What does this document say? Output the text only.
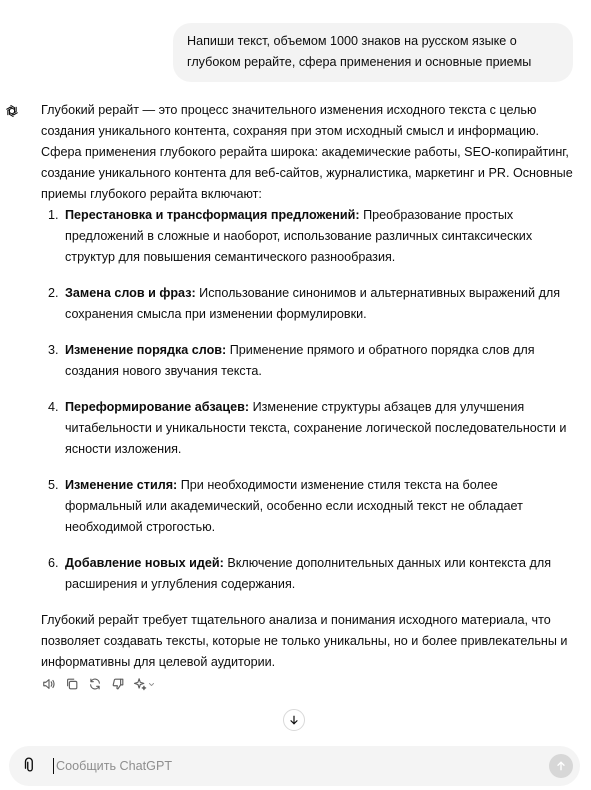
Напиши текст, объемом 1000 знаков на русском языке о глубоком рерайте, сфера применения и основные приемы

Глубокий рерайт — это процесс значительного изменения исходного текста с целью создания уникального контента, сохраняя при этом исходный смысл и информацию. Сфера применения глубокого рерайта широка: академические работы, SEO-копирайтинг, создание уникального контента для веб-сайтов, журналистика, маркетинг и PR. Основные приемы глубокого рерайта включают:

1. Перестановка и трансформация предложений: Преобразование простых предложений в сложные и наоборот, использование различных синтаксических структур для повышения семантического разнообразия.
2. Замена слов и фраз: Использование синонимов и альтернативных выражений для сохранения смысла при изменении формулировки.
3. Изменение порядка слов: Применение прямого и обратного порядка слов для создания нового звучания текста.
4. Переформирование абзацев: Изменение структуры абзацев для улучшения читабельности и уникальности текста, сохранение логической последовательности и ясности изложения.
5. Изменение стиля: При необходимости изменение стиля текста на более формальный или академический, особенно если исходный текст не обладает необходимой строгостью.
6. Добавление новых идей: Включение дополнительных данных или контекста для расширения и углубления содержания.

Глубокий рерайт требует тщательного анализа и понимания исходного материала, что позволяет создавать тексты, которые не только уникальны, но и более привлекательны и информативны для целевой аудитории.

Сообщить ChatGPT
